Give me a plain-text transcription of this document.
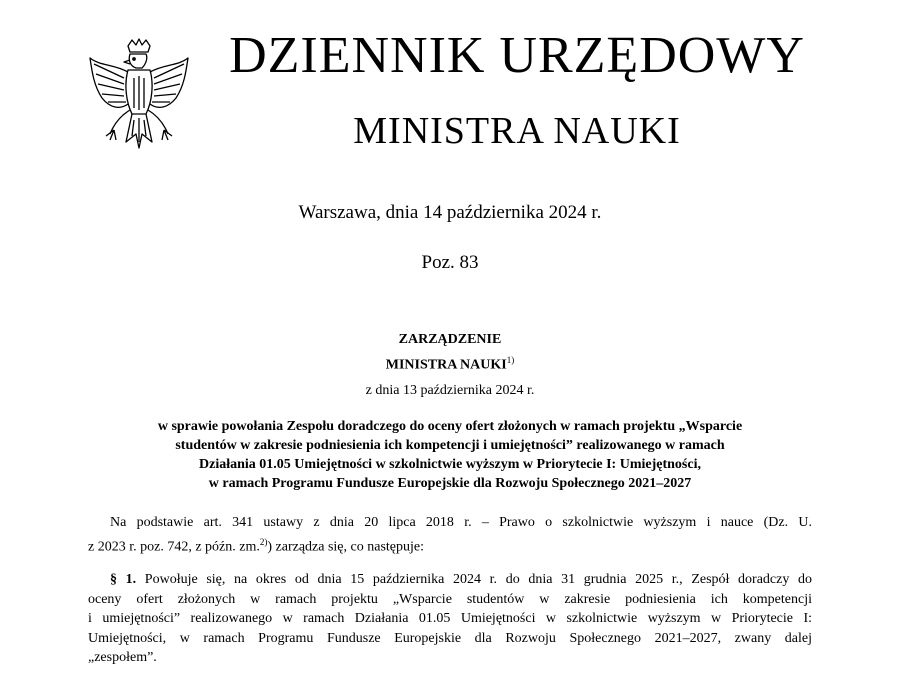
DZIENNIK URZĘDOWY
MINISTRA NAUKI
Warszawa, dnia 14 października 2024 r.
Poz. 83
ZARZĄDZENIE
MINISTRA NAUKI$^{1)}$
z dnia 13 października 2024 r.
w sprawie powołania Zespołu doradczego do oceny ofert złożonych w ramach projektu „Wsparcie
studentów w zakresie podniesienia ich kompetencji i umiejętności” realizowanego w ramach
Działania 01.05 Umiejętności w szkolnictwie wyższym w Priorytecie I: Umiejętności,
w ramach Programu Fundusze Europejskie dla Rozwoju Społecznego 2021–2027
Na podstawie art. 341 ustawy z dnia 20 lipca 2018 r. – Prawo o szkolnictwie wyższym i nauce (Dz. U.
z 2023 r. poz. 742, z późn. zm.$^{2)}$) zarządza się, co następuje:
§ 1. Powołuje się, na okres od dnia 15 października 2024 r. do dnia 31 grudnia 2025 r., Zespół doradczy do
oceny ofert złożonych w ramach projektu „Wsparcie studentów w zakresie podniesienia ich kompetencji
i umiejętności” realizowanego w ramach Działania 01.05 Umiejętności w szkolnictwie wyższym w Priorytecie I:
Umiejętności, w ramach Programu Fundusze Europejskie dla Rozwoju Społecznego 2021–2027, zwany dalej
„zespołem”.
